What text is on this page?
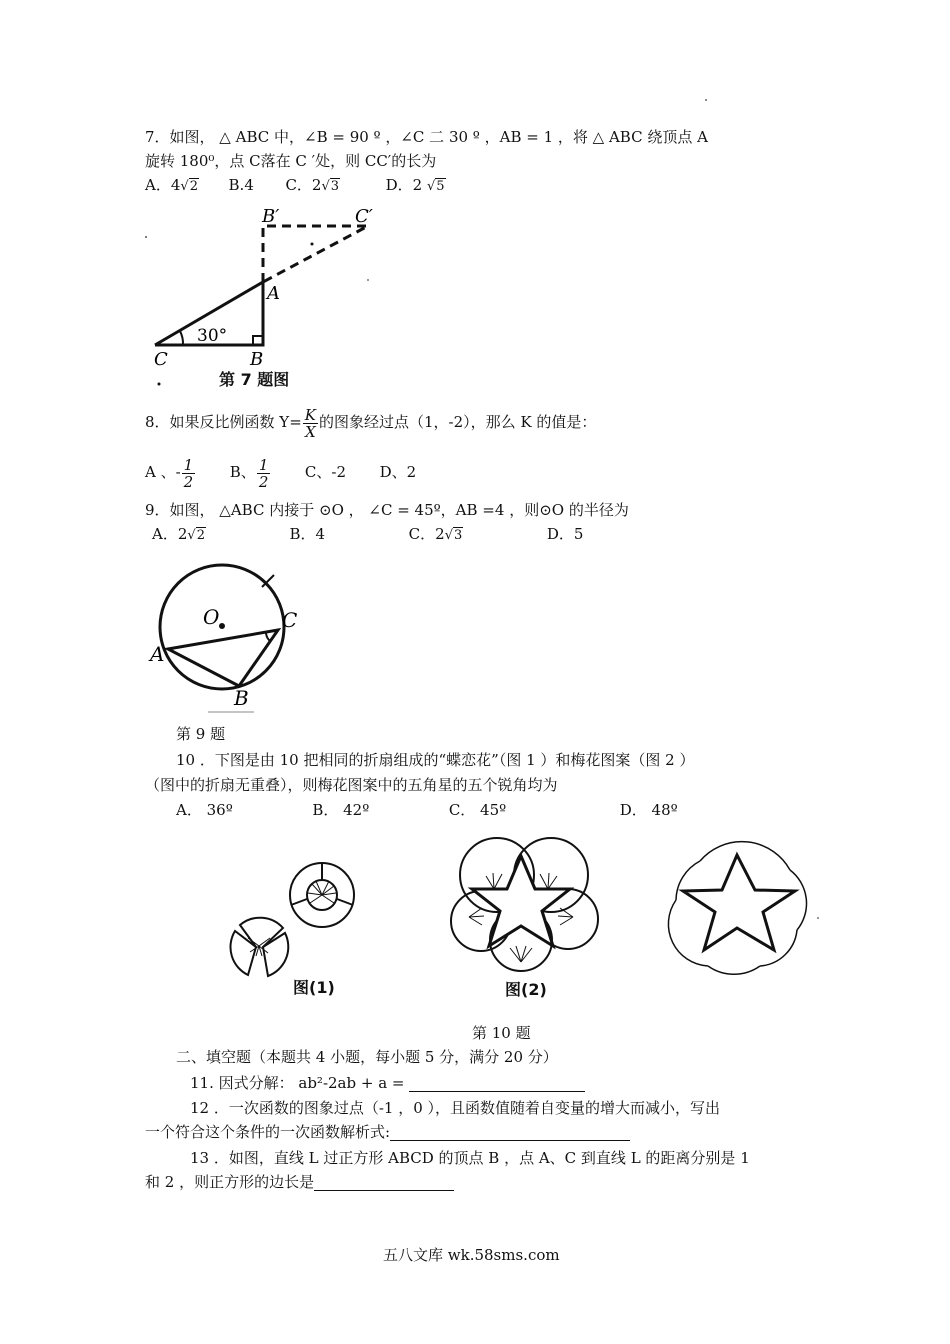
7．如图， △ ABC 中，∠B = 90 º ，∠C 二 30 º ，AB = 1 ，将 △ ABC 绕顶点 A
旋转 180⁰，点 C落在 C ′处，则 CC′的长为
A．4√2 B.4 C．2√3	D．2 √5
B′	C′
A
C	B
30°
第 7 题图
8．如果反比例函数 $Y= \frac{K}{X}$ 的图象经过点（1，-2），那么 K 的值是：
A 、- $\frac{1}{2}$ B、 $\frac{1}{2}$ C、-2 D、2
9．如图， △ABC 内接于 ⊙O ， ∠C = 45º，AB =4 ，则⊙O 的半径为
A．2√2	B．4	C．2√3	D．5
O	C
A
B
第 9 题
10 ．下图是由 10 把相同的折扇组成的“蝶恋花”（图 1 ）和梅花图案（图 2 ）
（图中的折扇无重叠），则梅花图案中的五角星的五个锐角均为
A． 36º	B． 42º	C． 45º	D． 48º
图(1)	图(2)
第 10 题
二、填空题（本题共 4 小题，每小题 5 分，满分 20 分）
11. 因式分解： ab²-2ab + a =
12 ．一次函数的图象过点（-1 ，0 ），且函数值随着自变量的增大而减小，写出
一个符合这个条件的一次函数解析式:
13 ．如图，直线 L 过正方形 ABCD 的顶点 B ，点 A、C 到直线 L 的距离分别是 1
和 2 ，则正方形的边长是
五八文库 wk.58sms.com
